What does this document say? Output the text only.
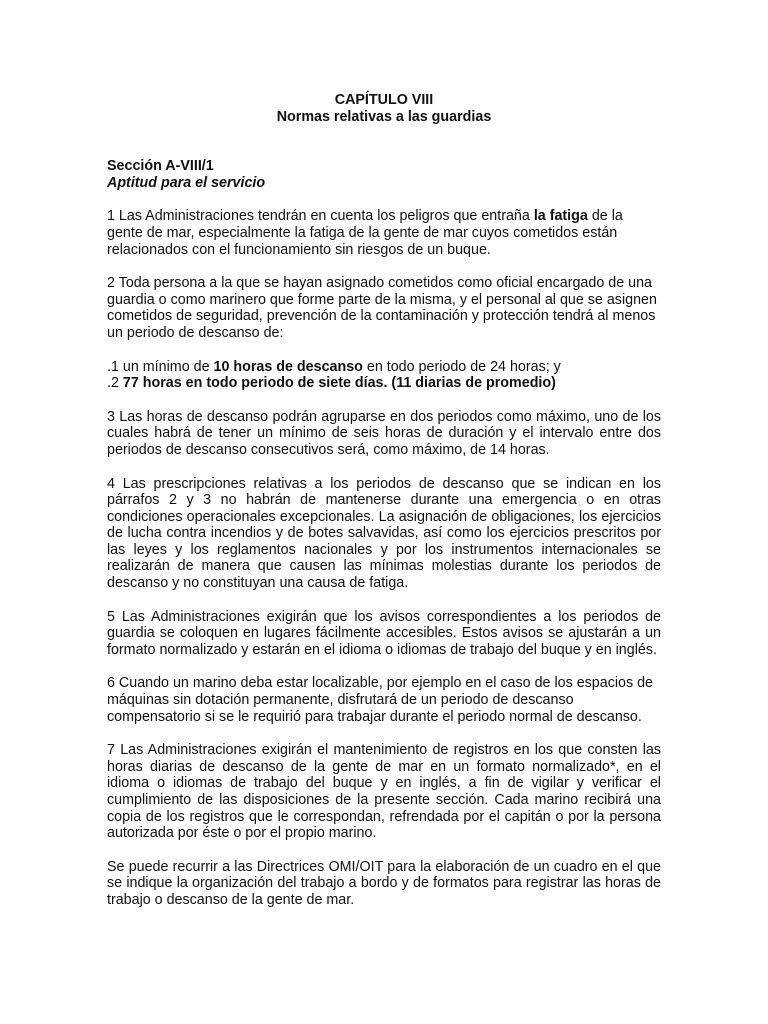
CAPÍTULO VIII
Normas relativas a las guardias
Sección A-VIII/1
Aptitud para el servicio

1 Las Administraciones tendrán en cuenta los peligros que entraña la fatiga de la gente de mar, especialmente la fatiga de la gente de mar cuyos cometidos están relacionados con el funcionamiento sin riesgos de un buque.

2 Toda persona a la que se hayan asignado cometidos como oficial encargado de una guardia o como marinero que forme parte de la misma, y el personal al que se asignen cometidos de seguridad, prevención de la contaminación y protección tendrá al menos un periodo de descanso de:

.1 un mínimo de 10 horas de descanso en todo periodo de 24 horas; y
.2 77 horas en todo periodo de siete días. (11 diarias de promedio)

3 Las horas de descanso podrán agruparse en dos periodos como máximo, uno de los cuales habrá de tener un mínimo de seis horas de duración y el intervalo entre dos periodos de descanso consecutivos será, como máximo, de 14 horas.

4 Las prescripciones relativas a los periodos de descanso que se indican en los párrafos 2 y 3 no habrán de mantenerse durante una emergencia o en otras condiciones operacionales excepcionales. La asignación de obligaciones, los ejercicios de lucha contra incendios y de botes salvavidas, así como los ejercicios prescritos por las leyes y los reglamentos nacionales y por los instrumentos internacionales se realizarán de manera que causen las mínimas molestias durante los periodos de descanso y no constituyan una causa de fatiga.

5 Las Administraciones exigirán que los avisos correspondientes a los periodos de guardia se coloquen en lugares fácilmente accesibles. Estos avisos se ajustarán a un formato normalizado y estarán en el idioma o idiomas de trabajo del buque y en inglés.

6 Cuando un marino deba estar localizable, por ejemplo en el caso de los espacios de máquinas sin dotación permanente, disfrutará de un periodo de descanso compensatorio si se le requirió para trabajar durante el periodo normal de descanso.

7 Las Administraciones exigirán el mantenimiento de registros en los que consten las horas diarias de descanso de la gente de mar en un formato normalizado*, en el idioma o idiomas de trabajo del buque y en inglés, a fin de vigilar y verificar el cumplimiento de las disposiciones de la presente sección. Cada marino recibirá una copia de los registros que le correspondan, refrendada por el capitán o por la persona autorizada por éste o por el propio marino.

Se puede recurrir a las Directrices OMI/OIT para la elaboración de un cuadro en el que se indique la organización del trabajo a bordo y de formatos para registrar las horas de trabajo o descanso de la gente de mar.
